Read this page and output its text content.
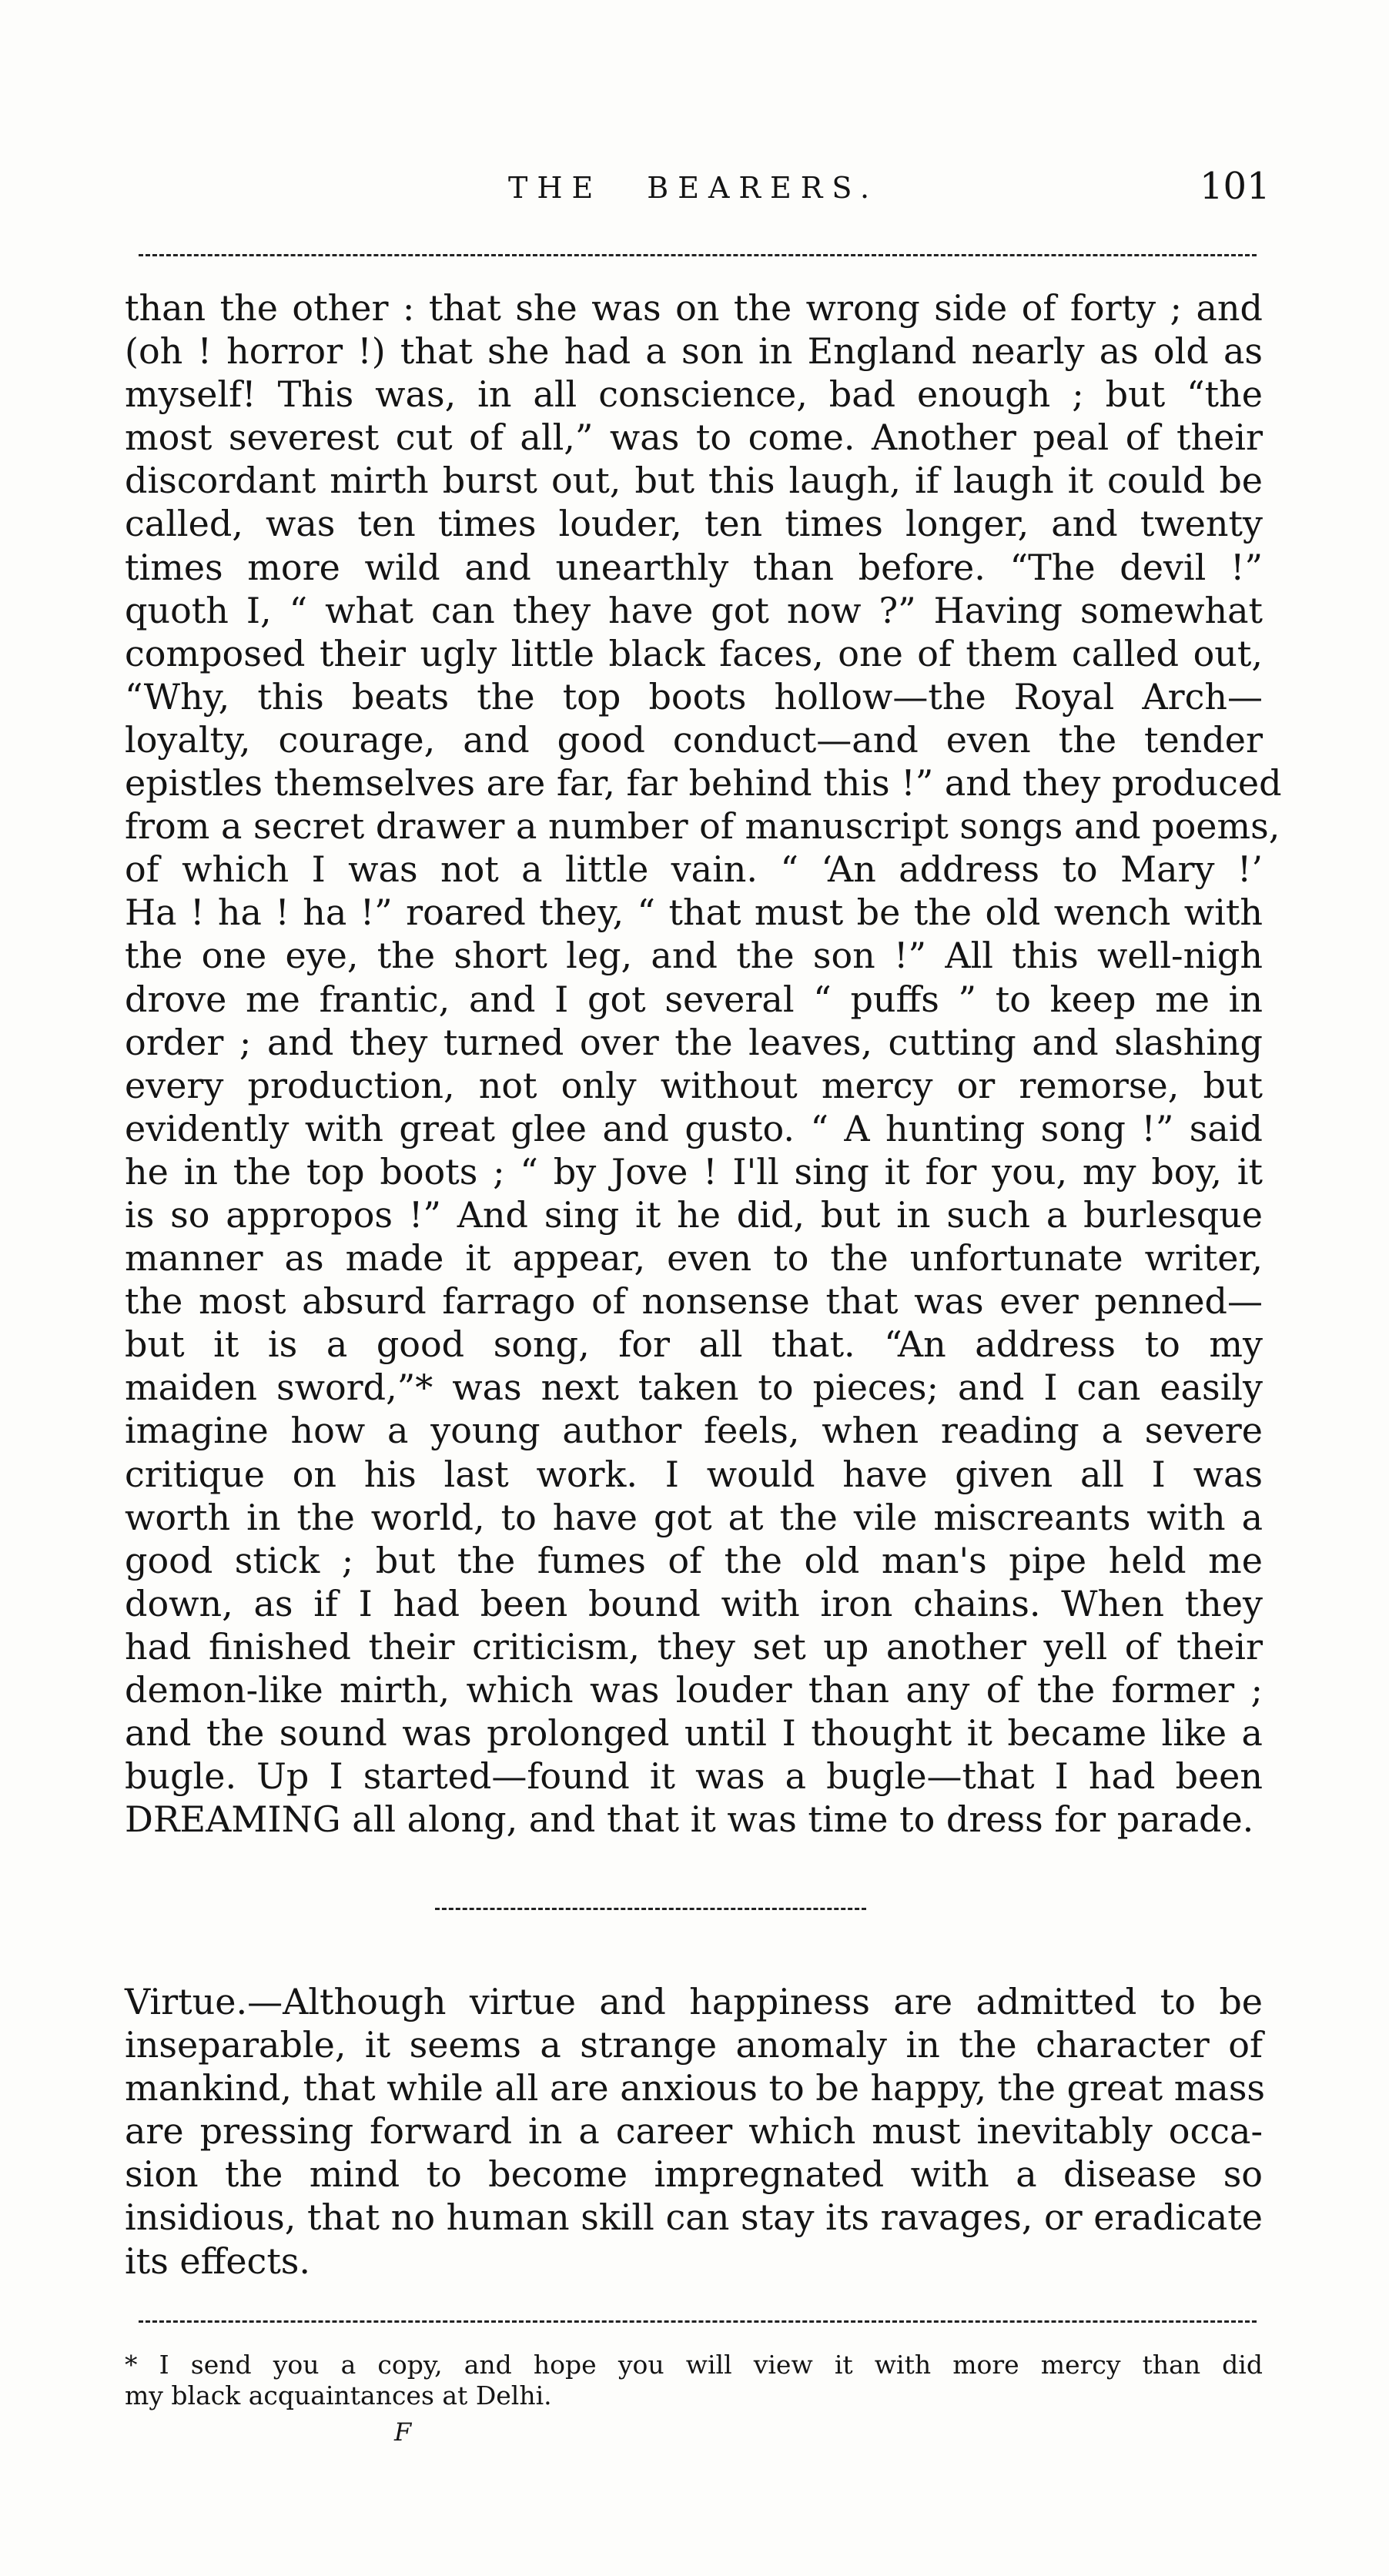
THE BEARERS.	101
than the other : that she was on the wrong side of forty ; and
(oh ! horror !) that she had a son in England nearly as old as
myself! This was, in all conscience, bad enough ; but “the
most severest cut of all,” was to come. Another peal of their
discordant mirth burst out, but this laugh, if laugh it could be
called, was ten times louder, ten times longer, and twenty
times more wild and unearthly than before. “The devil !”
quoth I, “ what can they have got now ?” Having somewhat
composed their ugly little black faces, one of them called out,
“Why, this beats the top boots hollow—the Royal Arch—
loyalty, courage, and good conduct—and even the tender
epistles themselves are far, far behind this !” and they produced
from a secret drawer a number of manuscript songs and poems,
of which I was not a little vain. “ ‘An address to Mary !’
Ha ! ha ! ha !” roared they, “ that must be the old wench with
the one eye, the short leg, and the son !” All this well-nigh
drove me frantic, and I got several “ puffs ” to keep me in
order ; and they turned over the leaves, cutting and slashing
every production, not only without mercy or remorse, but
evidently with great glee and gusto. “ A hunting song !” said
he in the top boots ; “ by Jove ! I'll sing it for you, my boy, it
is so appropos !” And sing it he did, but in such a burlesque
manner as made it appear, even to the unfortunate writer,
the most absurd farrago of nonsense that was ever penned—
but it is a good song, for all that. “An address to my
maiden sword,”* was next taken to pieces; and I can easily
imagine how a young author feels, when reading a severe
critique on his last work. I would have given all I was
worth in the world, to have got at the vile miscreants with a
good stick ; but the fumes of the old man's pipe held me
down, as if I had been bound with iron chains. When they
had finished their criticism, they set up another yell of their
demon-like mirth, which was louder than any of the former ;
and the sound was prolonged until I thought it became like a
bugle. Up I started—found it was a bugle—that I had been
DREAMING all along, and that it was time to dress for parade.
Virtue.—Although virtue and happiness are admitted to be
inseparable, it seems a strange anomaly in the character of
mankind, that while all are anxious to be happy, the great mass
are pressing forward in a career which must inevitably occa-
sion the mind to become impregnated with a disease so
insidious, that no human skill can stay its ravages, or eradicate
its effects.
* I send you a copy, and hope you will view it with more mercy than did
my black acquaintances at Delhi.
F
